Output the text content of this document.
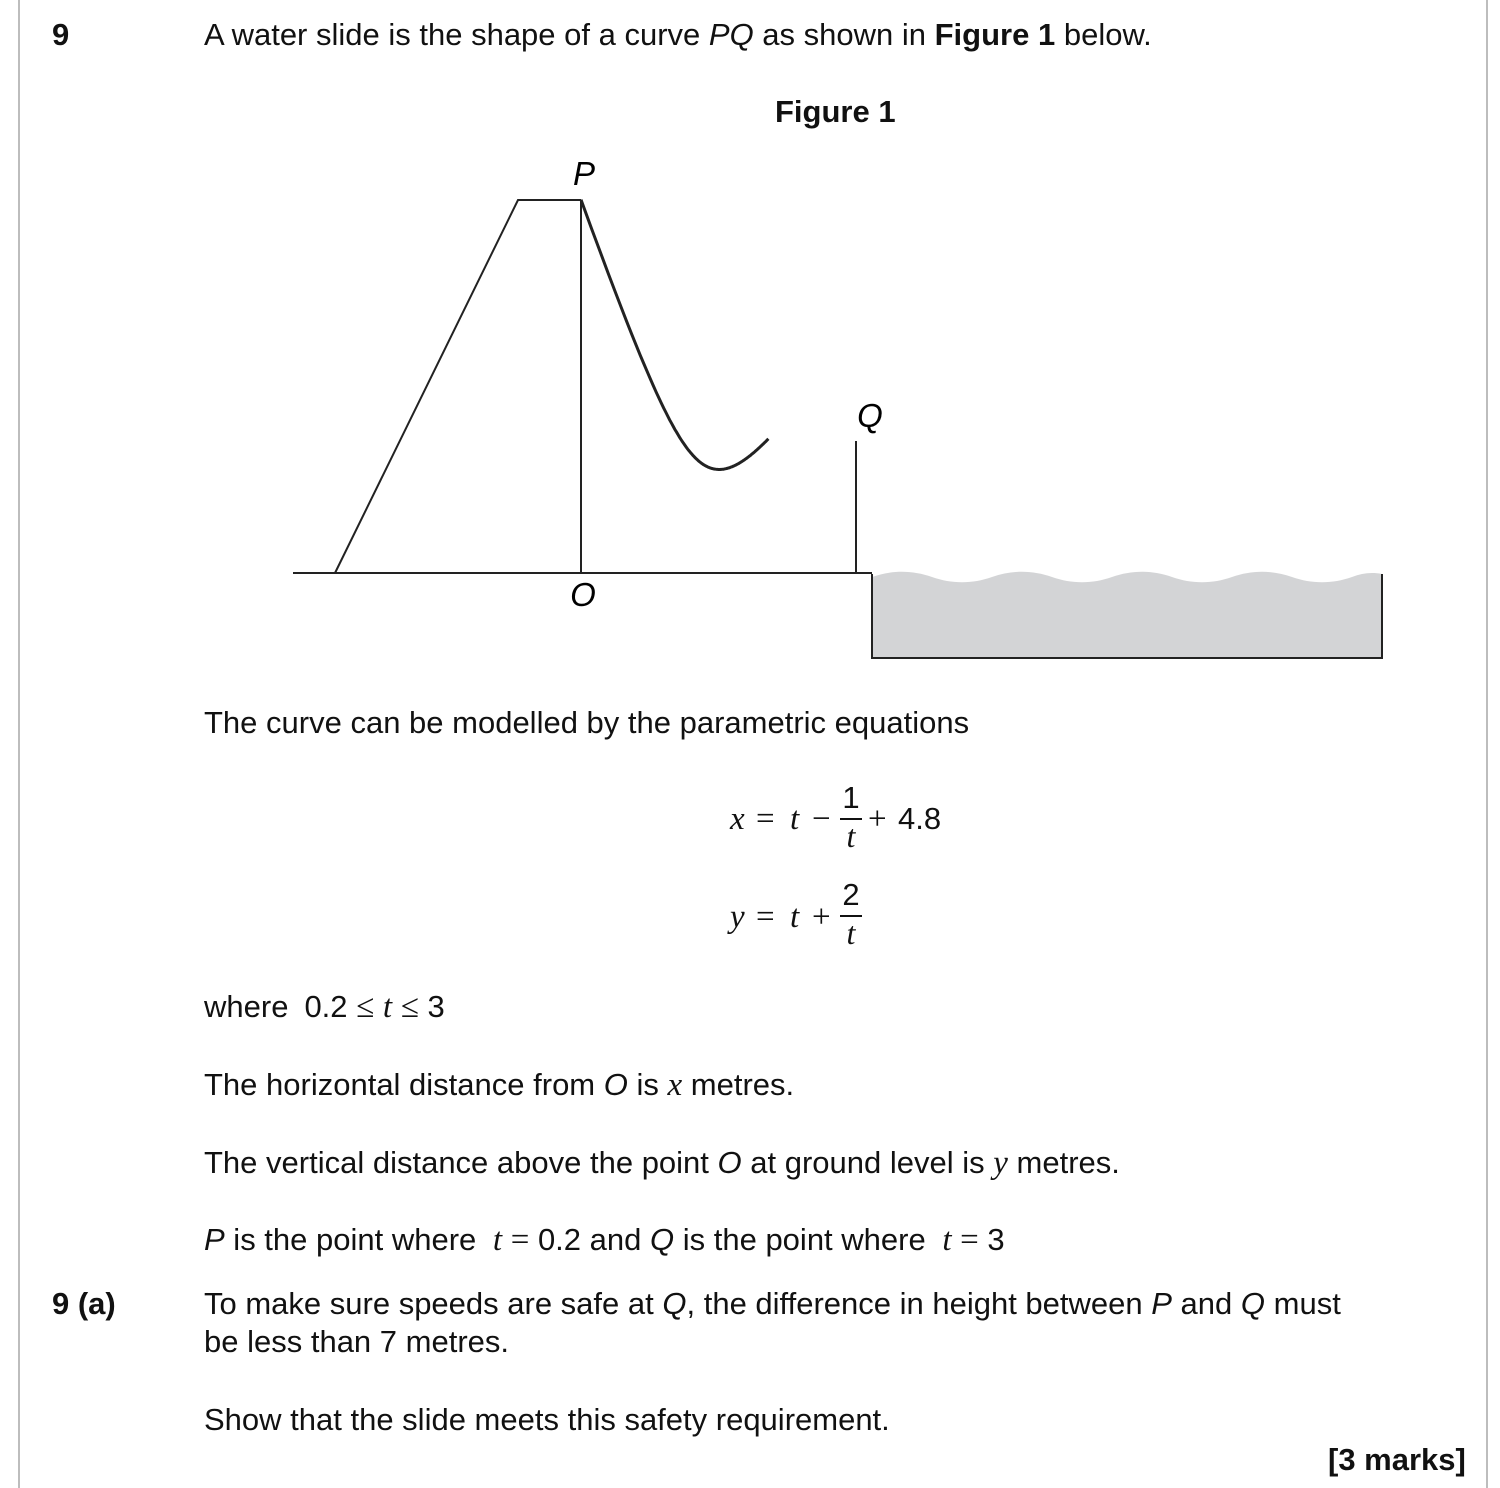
9	A water slide is the shape of a curve PQ as shown in Figure 1 below.
Figure 1
P
Q
O
The curve can be modelled by the parametric equations
x = t −
1
t + 4.8
y = t +
2
t
where 0.2 ≤ t ≤ 3
The horizontal distance from O is x metres.
The vertical distance above the point O at ground level is y metres.
P is the point where t = 0.2 and Q is the point where t = 3
9 (a)	To make sure speeds are safe at Q, the difference in height between P and Q must
be less than 7 metres.
Show that the slide meets this safety requirement.
[3 marks]
